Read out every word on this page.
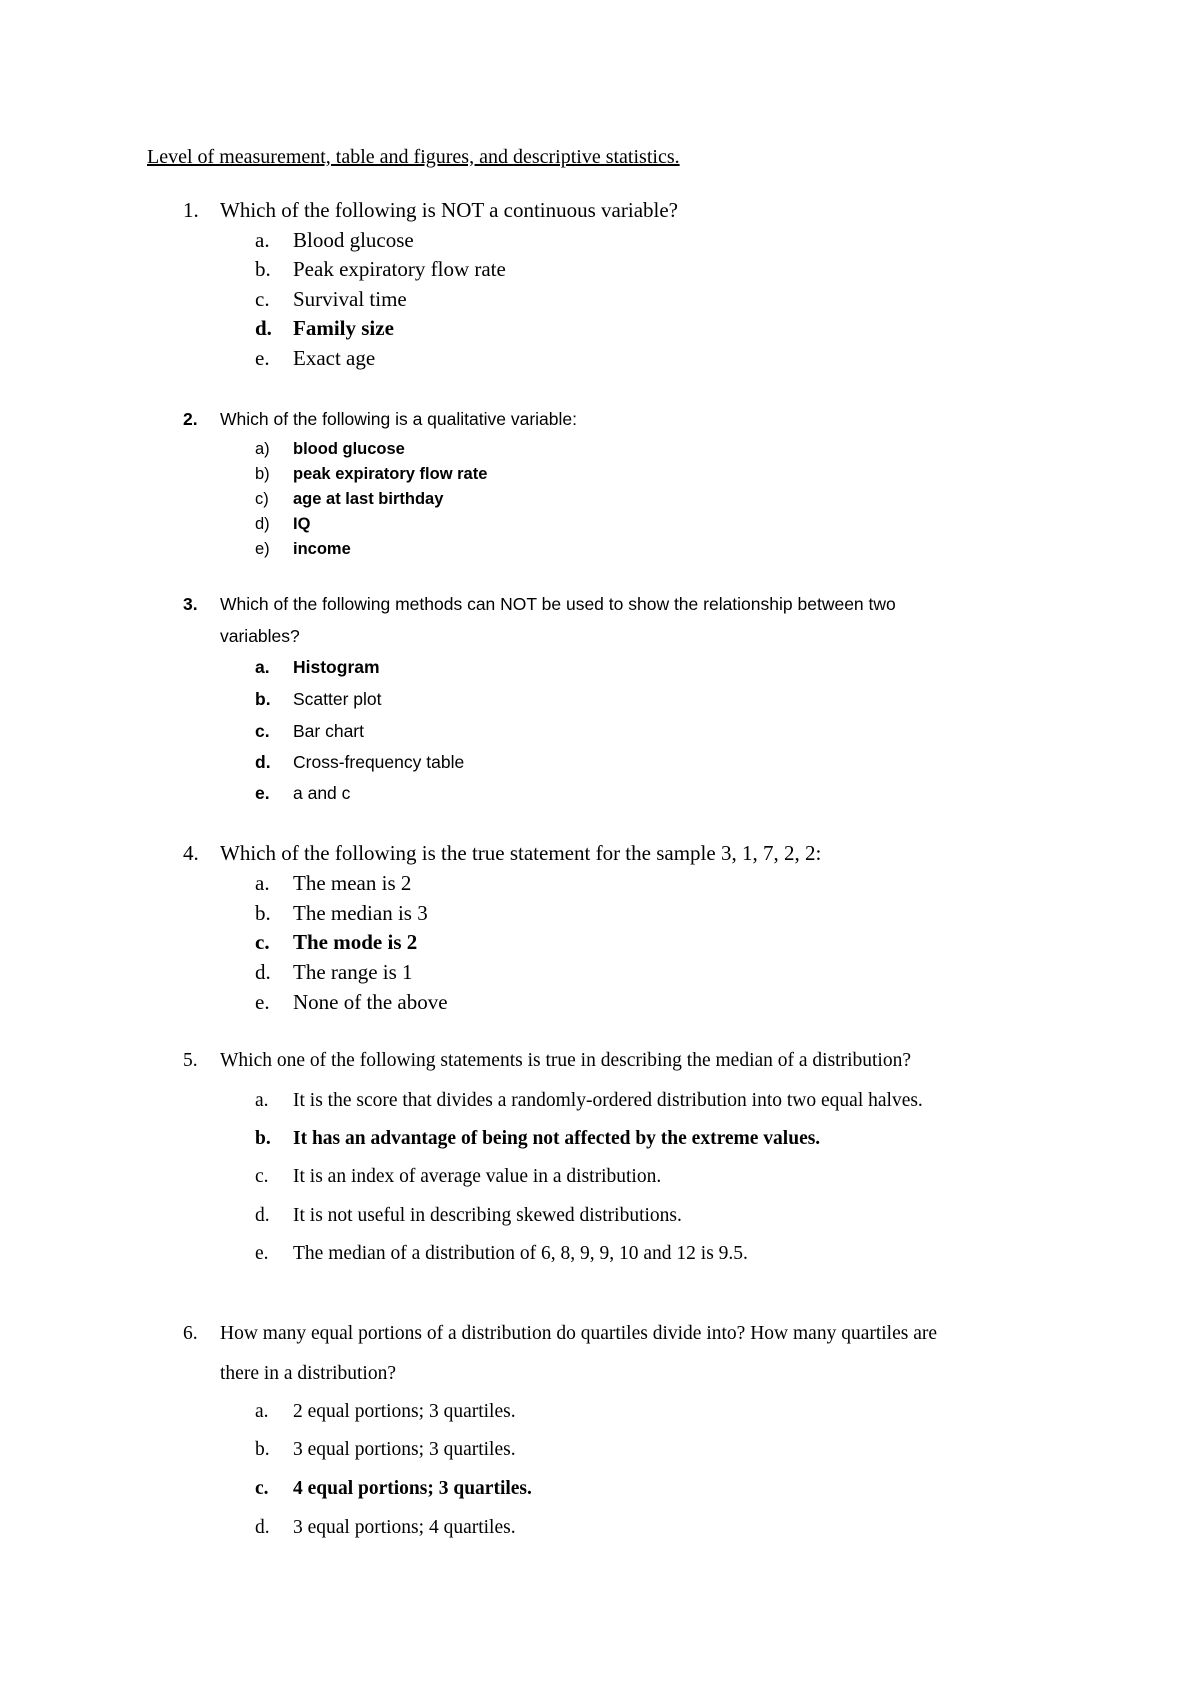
Level of measurement, table and figures, and descriptive statistics.
1. Which of the following is NOT a continuous variable?
a. Blood glucose
b. Peak expiratory flow rate
c. Survival time
d. Family size
e. Exact age
2. Which of the following is a qualitative variable:
a) blood glucose
b) peak expiratory flow rate
c) age at last birthday
d) IQ
e) income
3. Which of the following methods can NOT be used to show the relationship between two
variables?
a. Histogram
b. Scatter plot
c. Bar chart
d. Cross-frequency table
e. a and c
4. Which of the following is the true statement for the sample 3, 1, 7, 2, 2:
a. The mean is 2
b. The median is 3
c. The mode is 2
d. The range is 1
e. None of the above
5. Which one of the following statements is true in describing the median of a distribution?
a. It is the score that divides a randomly-ordered distribution into two equal halves.
b. It has an advantage of being not affected by the extreme values.
c. It is an index of average value in a distribution.
d. It is not useful in describing skewed distributions.
e. The median of a distribution of 6, 8, 9, 9, 10 and 12 is 9.5.
6. How many equal portions of a distribution do quartiles divide into? How many quartiles are
there in a distribution?
a. 2 equal portions; 3 quartiles.
b. 3 equal portions; 3 quartiles.
c. 4 equal portions; 3 quartiles.
d. 3 equal portions; 4 quartiles.
